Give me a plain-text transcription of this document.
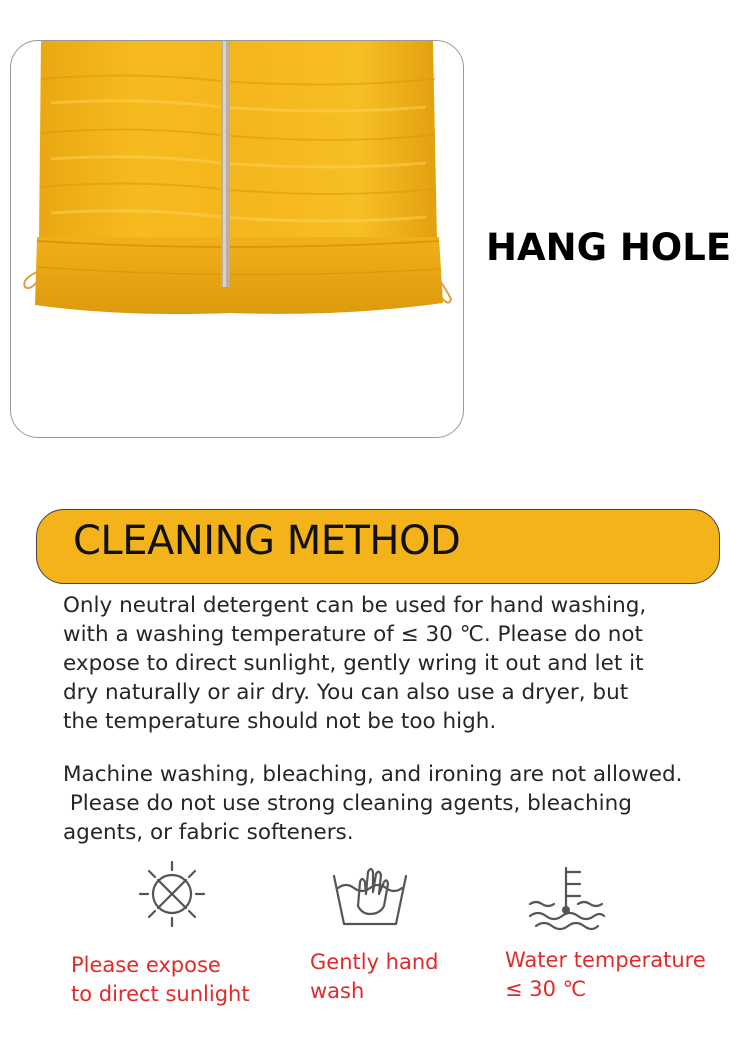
HANG HOLE
CLEANING METHOD

Only neutral detergent can be used for hand washing,
with a washing temperature of ≤ 30 ℃. Please do not
expose to direct sunlight, gently wring it out and let it
dry naturally or air dry. You can also use a dryer, but
the temperature should not be too high.

Machine washing, bleaching, and ironing are not allowed.
Please do not use strong cleaning agents, bleaching
agents, or fabric softeners.

Please expose
to direct sunlight
Gently hand
wash
Water temperature
≤ 30 ℃
